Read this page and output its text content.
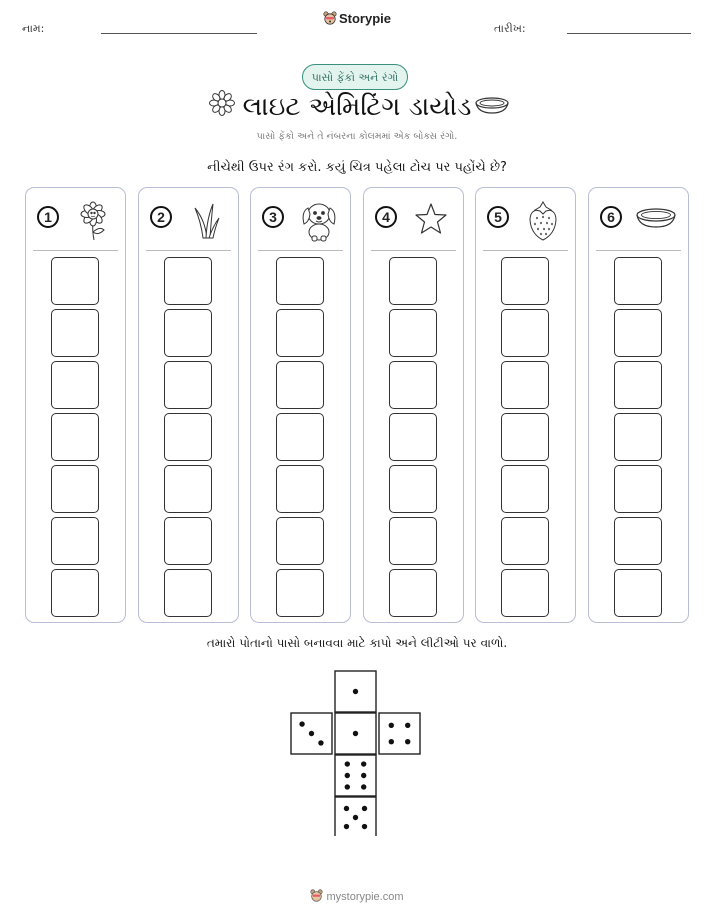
નામ:
Storypie
તારીખ:
પાસો ફેંકો અને રંગો
લાઇટ એમિટિંગ ડાયોડ
પાસો ફેંકો અને તે નંબરના કોલમમાં એક બોક્સ રંગો.
નીચેથી ઉપર રંગ કરો. કયું ચિત્ર પહેલા ટોચ પર પહોંચે છે?
1	2	3	4	5	6
તમારો પોતાનો પાસો બનાવવા માટે કાપો અને લીટીઓ પર વાળો.
mystorypie.com
